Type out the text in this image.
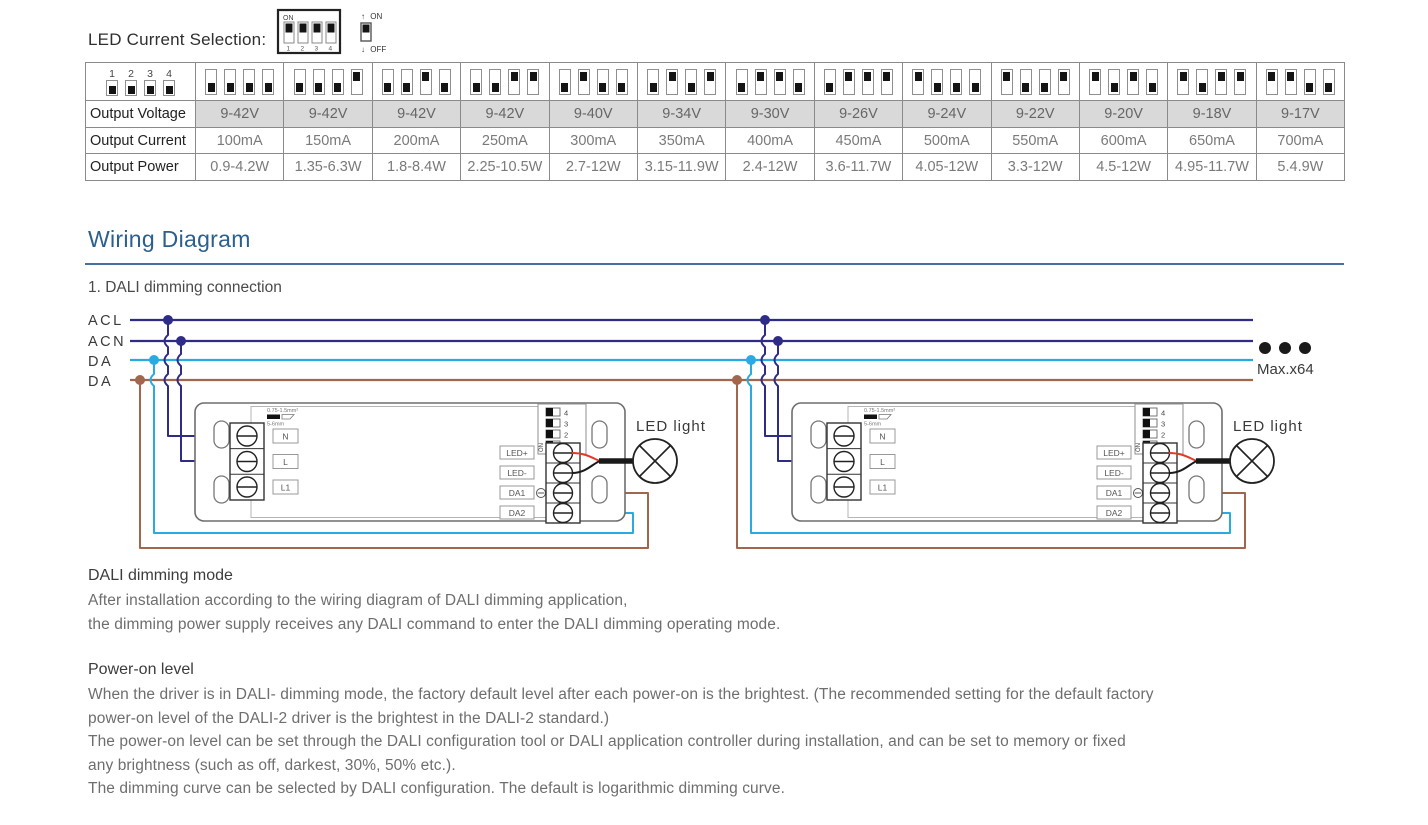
LED Current Selection:
ON
1 2 3 4
↑ ON
↓ OFF
1 2 3 4													

Output Voltage	9-42V	9-42V	9-42V	9-42V	9-40V	9-34V	9-30V	9-26V	9-24V	9-22V	9-20V	9-18V	9-17V
Output Current	100mA	150mA	200mA	250mA	300mA	350mA	400mA	450mA	500mA	550mA	600mA	650mA	700mA
Output Power	0.9-4.2W	1.35-6.3W	1.8-8.4W	2.25-10.5W	2.7-12W	3.15-11.9W	2.4-12W	3.6-11.7W	4.05-12W	3.3-12W	4.5-12W	4.95-11.7W	5.4.9W
Wiring Diagram
1. DALI dimming connection
ACL
ACN
DA
DA
Max.x64
0.75-1.5mm²
5-6mm
N
L
L1
4
3
2
ON
LED+
LED-
DA1
DA2
LED light
DALI dimming mode
After installation according to the wiring diagram of DALI dimming application,
the dimming power supply receives any DALI command to enter the DALI dimming operating mode.
Power-on level
When the driver is in DALI- dimming mode, the factory default level after each power-on is the brightest. (The recommended setting for the default factory
power-on level of the DALI-2 driver is the brightest in the DALI-2 standard.)
The power-on level can be set through the DALI configuration tool or DALI application controller during installation, and can be set to memory or fixed
any brightness (such as off, darkest, 30%, 50% etc.).
The dimming curve can be selected by DALI configuration. The default is logarithmic dimming curve.
